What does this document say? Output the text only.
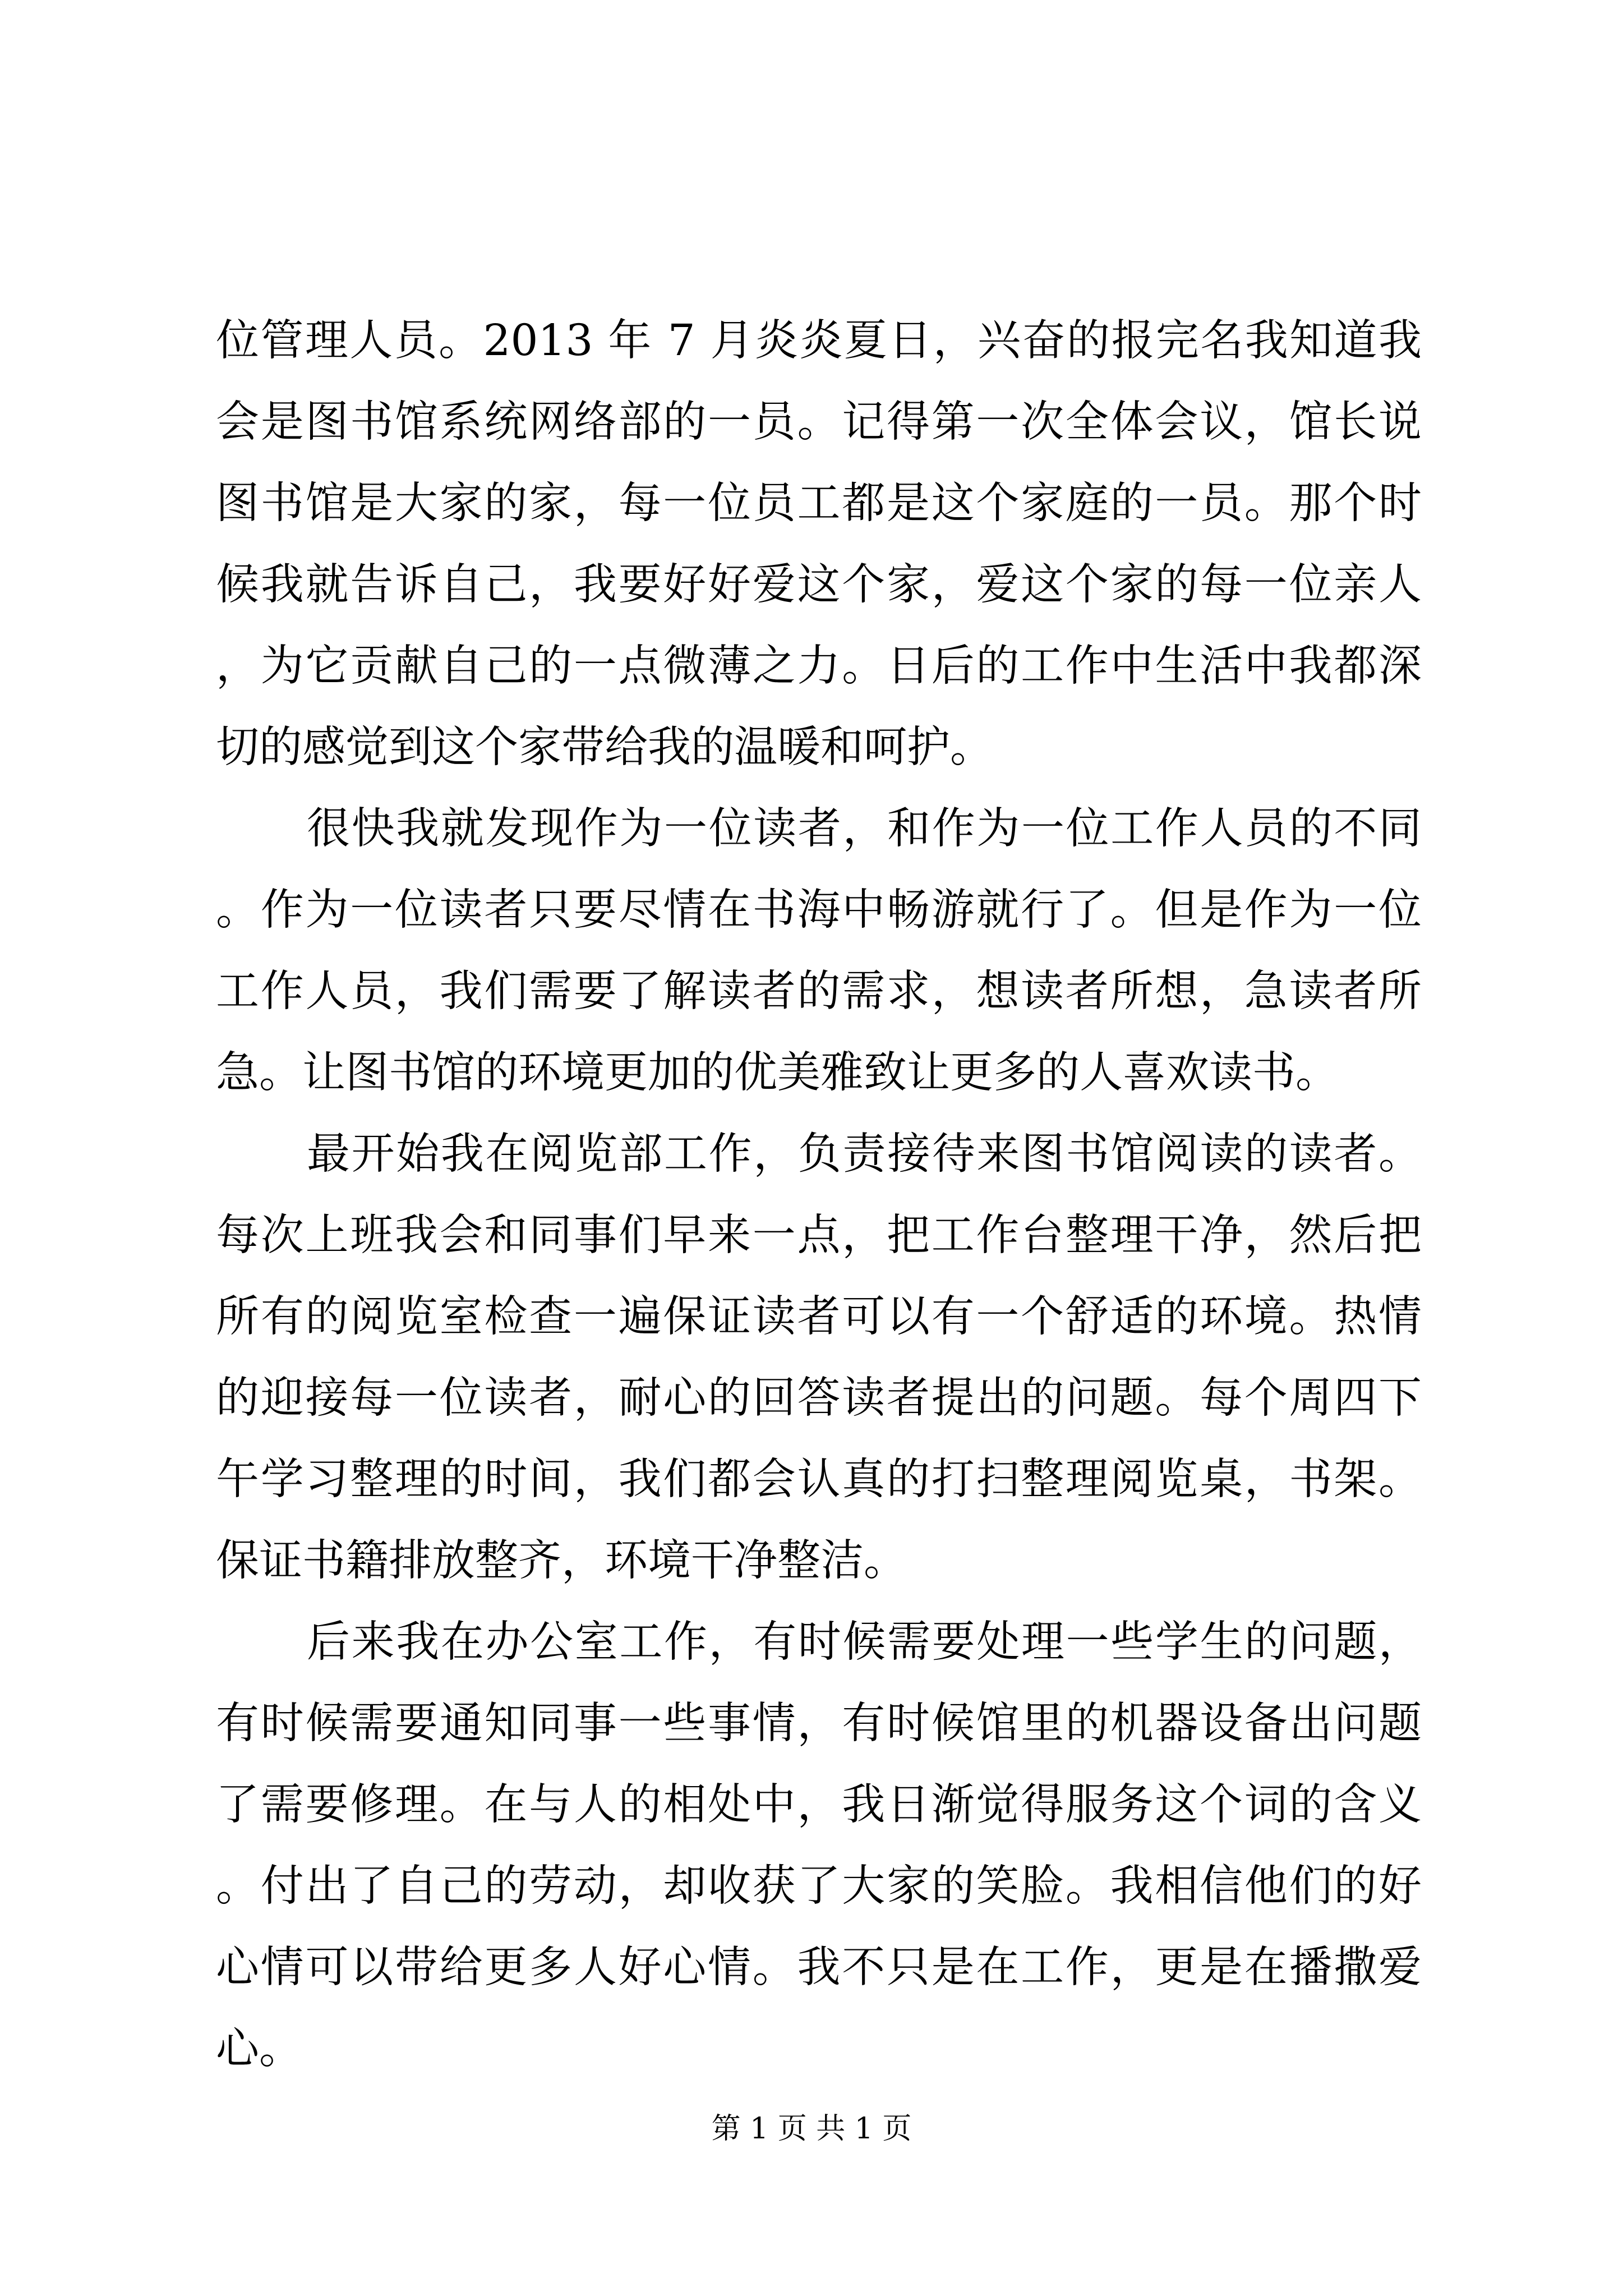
位管理人员。2013 年 7 月炎炎夏日，兴奋的报完名我知道我会是图书馆系统网络部的一员。记得第一次全体会议，馆长说图书馆是大家的家，每一位员工都是这个家庭的一员。那个时候我就告诉自己，我要好好爱这个家，爱这个家的每一位亲人，为它贡献自己的一点微薄之力。日后的工作中生活中我都深切的感觉到这个家带给我的温暖和呵护。

很快我就发现作为一位读者，和作为一位工作人员的不同。作为一位读者只要尽情在书海中畅游就行了。但是作为一位工作人员，我们需要了解读者的需求，想读者所想，急读者所急。让图书馆的环境更加的优美雅致让更多的人喜欢读书。

最开始我在阅览部工作，负责接待来图书馆阅读的读者。每次上班我会和同事们早来一点，把工作台整理干净，然后把所有的阅览室检查一遍保证读者可以有一个舒适的环境。热情的迎接每一位读者，耐心的回答读者提出的问题。每个周四下午学习整理的时间，我们都会认真的打扫整理阅览桌，书架。保证书籍排放整齐，环境干净整洁。

后来我在办公室工作，有时候需要处理一些学生的问题，有时候需要通知同事一些事情，有时候馆里的机器设备出问题了需要修理。在与人的相处中，我日渐觉得服务这个词的含义。付出了自己的劳动，却收获了大家的笑脸。我相信他们的好心情可以带给更多人好心情。我不只是在工作，更是在播撒爱心。

第 1 页 共 1 页
